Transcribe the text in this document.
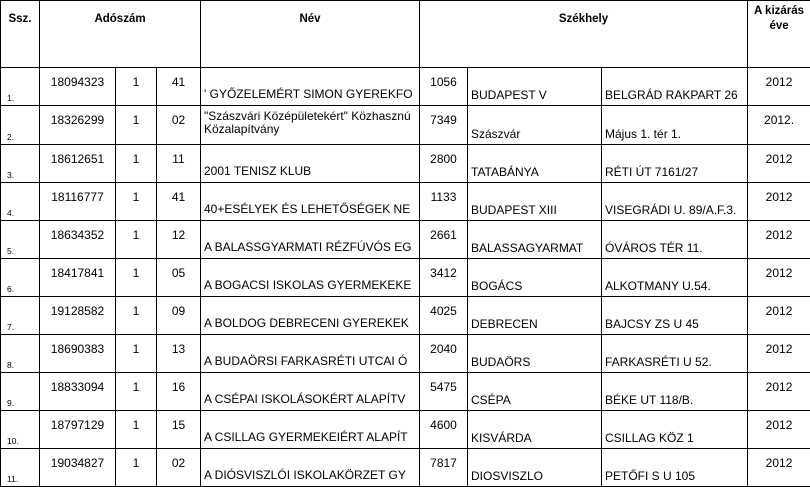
Ssz.	Adószám			Név	Székhely			A kizárás
éve
1.	18094323	1	41	' GYŐZELEMÉRT SIMON GYEREKFO	1056	BUDAPEST V	BELGRÁD RAKPART 26	2012
2.	18326299	1	02	"Szászvári Középületekért" Közhasznú Közalapítvány	7349	Szászvár	Május 1. tér 1.	2012.
3.	18612651	1	11	2001 TENISZ KLUB	2800	TATABÁNYA	RÉTI ÚT 7161/27	2012
4.	18116777	1	41	40+ESÉLYEK ÉS LEHETŐSÉGEK NE	1133	BUDAPEST XIII	VISEGRÁDI U. 89/A.F.3.	2012
5.	18634352	1	12	A BALASSGYARMATI RÉZFÚVÓS EG	2661	BALASSAGYARMAT	ÓVÁROS TÉR 11.	2012
6.	18417841	1	05	A BOGACSI ISKOLAS GYERMEKEKE	3412	BOGÁCS	ALKOTMANY U.54.	2012
7.	19128582	1	09	A BOLDOG DEBRECENI GYEREKEK	4025	DEBRECEN	BAJCSY ZS U 45	2012
8.	18690383	1	13	A BUDAÖRSI FARKASRÉTI UTCAI Ó	2040	BUDAÖRS	FARKASRÉTI U 52.	2012
9.	18833094	1	16	A CSÉPAI ISKOLÁSOKÉRT ALAPÍTV	5475	CSÉPA	BÉKE UT 118/B.	2012
10.	18797129	1	15	A CSILLAG GYERMEKEIÉRT ALAPÍT	4600	KISVÁRDA	CSILLAG KÖZ 1	2012
11.	19034827	1	02	A DIÓSVISZLÓI ISKOLAKÖRZET GY	7817	DIOSVISZLO	PETŐFI S U 105	2012
